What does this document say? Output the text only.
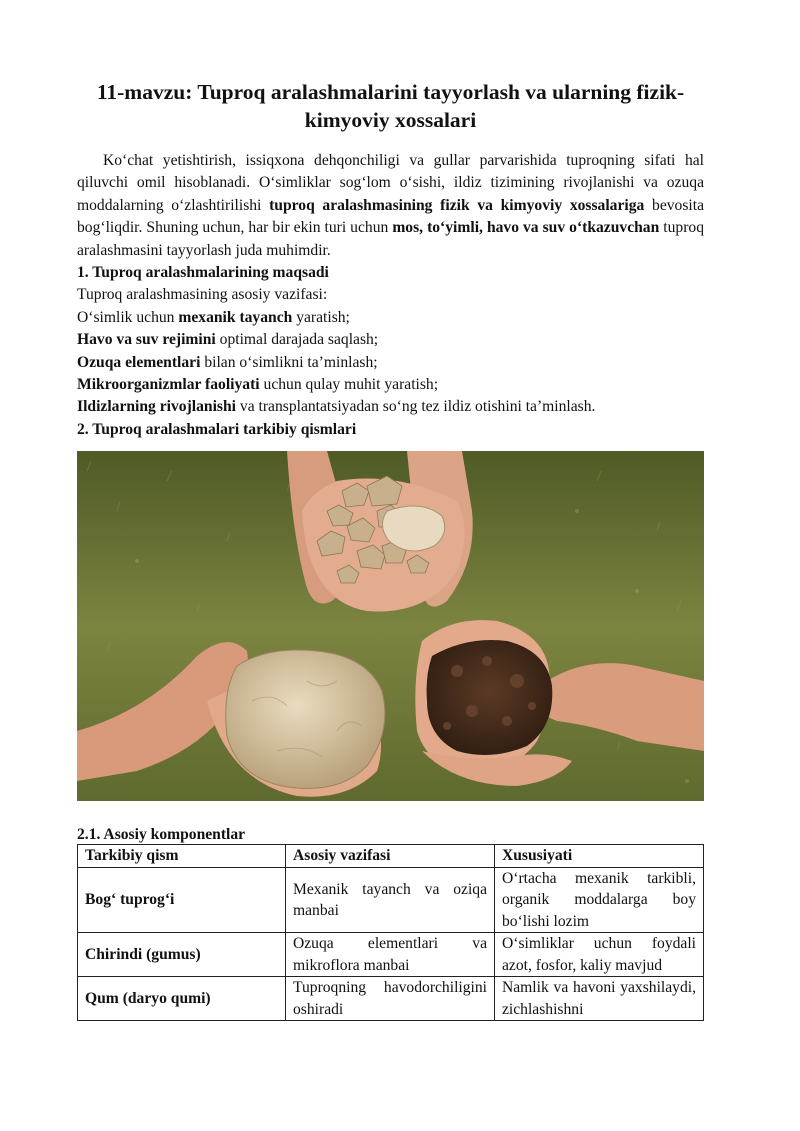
11-mavzu: Tuproq aralashmalarini tayyorlash va ularning fizik-kimyoviy xossalari

Ko‘chat yetishtirish, issiqxona dehqonchiligi va gullar parvarishida tuproqning sifati hal qiluvchi omil hisoblanadi. O‘simliklar sog‘lom o‘sishi, ildiz tizimining rivojlanishi va ozuqa moddalarning o‘zlashtirilishi tuproq aralashmasining fizik va kimyoviy xossalariga bevosita bog‘liqdir. Shuning uchun, har bir ekin turi uchun mos, to‘yimli, havo va suv o‘tkazuvchan tuproq aralashmasini tayyorlash juda muhimdir.

1. Tuproq aralashmalarining maqsadi

Tuproq aralashmasining asosiy vazifasi:

O‘simlik uchun mexanik tayanch yaratish;

Havo va suv rejimini optimal darajada saqlash;

Ozuqa elementlari bilan o‘simlikni ta’minlash;

Mikroorganizmlar faoliyati uchun qulay muhit yaratish;

Ildizlarning rivojlanishi va transplantatsiyadan so‘ng tez ildiz otishini ta’minlash.

2. Tuproq aralashmalari tarkibiy qismlari

2.1. Asosiy komponentlar
Tarkibiy qism	Asosiy vazifasi	Xususiyati
Bog‘ tuprog‘i	Mexanik tayanch va oziqa manbai	O‘rtacha mexanik tarkibli, organik moddalarga boy bo‘lishi lozim
Chirindi (gumus)	Ozuqa elementlari va mikroflora manbai	O‘simliklar uchun foydali azot, fosfor, kaliy mavjud
Qum (daryo qumi)	Tuproqning havodorchiligini oshiradi	Namlik va havoni yaxshilaydi, zichlashishni
